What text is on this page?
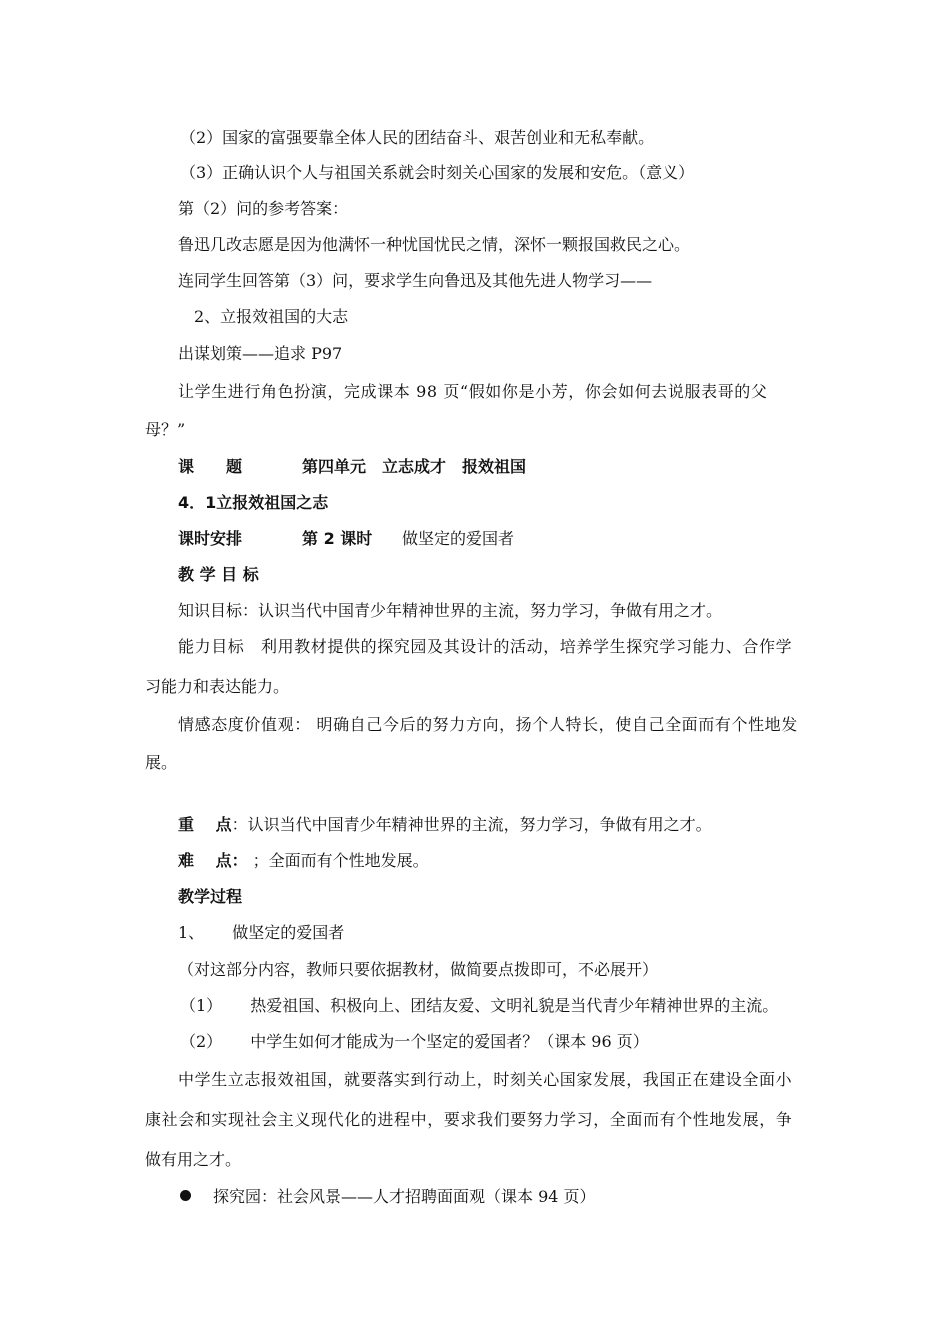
（2）国家的富强要靠全体人民的团结奋斗、艰苦创业和无私奉献。
（3）正确认识个人与祖国关系就会时刻关心国家的发展和安危。（意义）
第（2）问的参考答案：
鲁迅几改志愿是因为他满怀一种忧国忧民之情，深怀一颗报国救民之心。
连同学生回答第（3）问，要求学生向鲁迅及其他先进人物学习——
2、立报效祖国的大志
出谋划策——追求 P97
让学生进行角色扮演，完成课本 98 页“假如你是小芳，你会如何去说服表哥的父
母？”
课　　题	第四单元　立志成才　报效祖国
4．1立报效祖国之志
课时安排	第 2 课时 做坚定的爱国者
教 学 目 标
知识目标：认识当代中国青少年精神世界的主流，努力学习，争做有用之才。
能力目标　利用教材提供的探究园及其设计的活动，培养学生探究学习能力、合作学
习能力和表达能力。
情感态度价值观： 明确自己今后的努力方向，扬个人特长，使自己全面而有个性地发
展。
重　 点：认识当代中国青少年精神世界的主流，努力学习，争做有用之才。
难　 点： ；全面而有个性地发展。
教学过程
1、 做坚定的爱国者
（对这部分内容，教师只要依据教材，做简要点拨即可，不必展开）
（1） 热爱祖国、积极向上、团结友爱、文明礼貌是当代青少年精神世界的主流。
（2） 中学生如何才能成为一个坚定的爱国者？（课本 96 页）
中学生立志报效祖国，就要落实到行动上，时刻关心国家发展，我国正在建设全面小
康社会和实现社会主义现代化的进程中，要求我们要努力学习，全面而有个性地发展，争
做有用之才。
探究园：社会风景——人才招聘面面观（课本 94 页）
